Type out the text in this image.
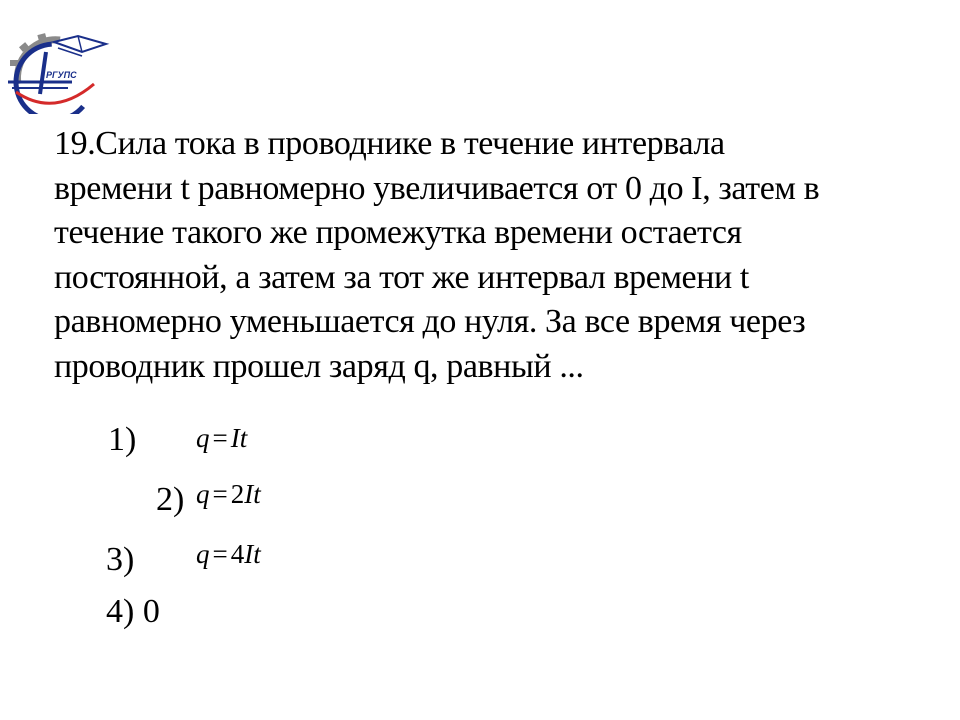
РГУПС
19.Сила тока в проводнике в течение интервала
времени t равномерно увеличивается от 0 до I, затем в
течение такого же промежутка времени остается
постоянной, а затем за тот же интервал времени t
равномерно уменьшается до нуля. За все время через
проводник прошел заряд q, равный ...
1) q = It
2) q = 2It
3) q = 4It
4) 0
